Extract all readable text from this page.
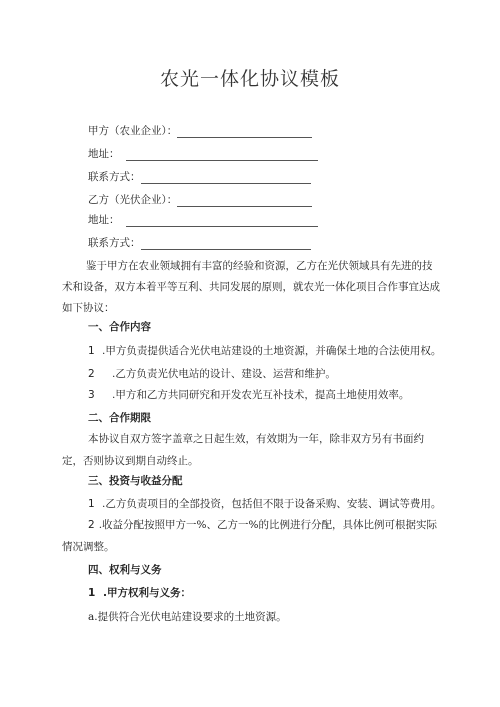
农光一体化协议模板
甲方（农业企业）：
地址：
联系方式：
乙方（光伏企业）：
地址：
联系方式：

鉴于甲方在农业领域拥有丰富的经验和资源，乙方在光伏领域具有先进的技术和设备，双方本着平等互利、共同发展的原则，就农光一体化项目合作事宜达成如下协议：

一、合作内容
1 .甲方负责提供适合光伏电站建设的土地资源，并确保土地的合法使用权。
2 .乙方负责光伏电站的设计、建设、运营和维护。
3 .甲方和乙方共同研究和开发农光互补技术，提高土地使用效率。
二、合作期限

本协议自双方签字盖章之日起生效，有效期为一年，除非双方另有书面约定，否则协议到期自动终止。

三、投资与收益分配
1 .乙方负责项目的全部投资，包括但不限于设备采购、安装、调试等费用。

2 .收益分配按照甲方一%、乙方一%的比例进行分配，具体比例可根据实际情况调整。

四、权利与义务
1 .甲方权利与义务：
a.提供符合光伏电站建设要求的土地资源。
